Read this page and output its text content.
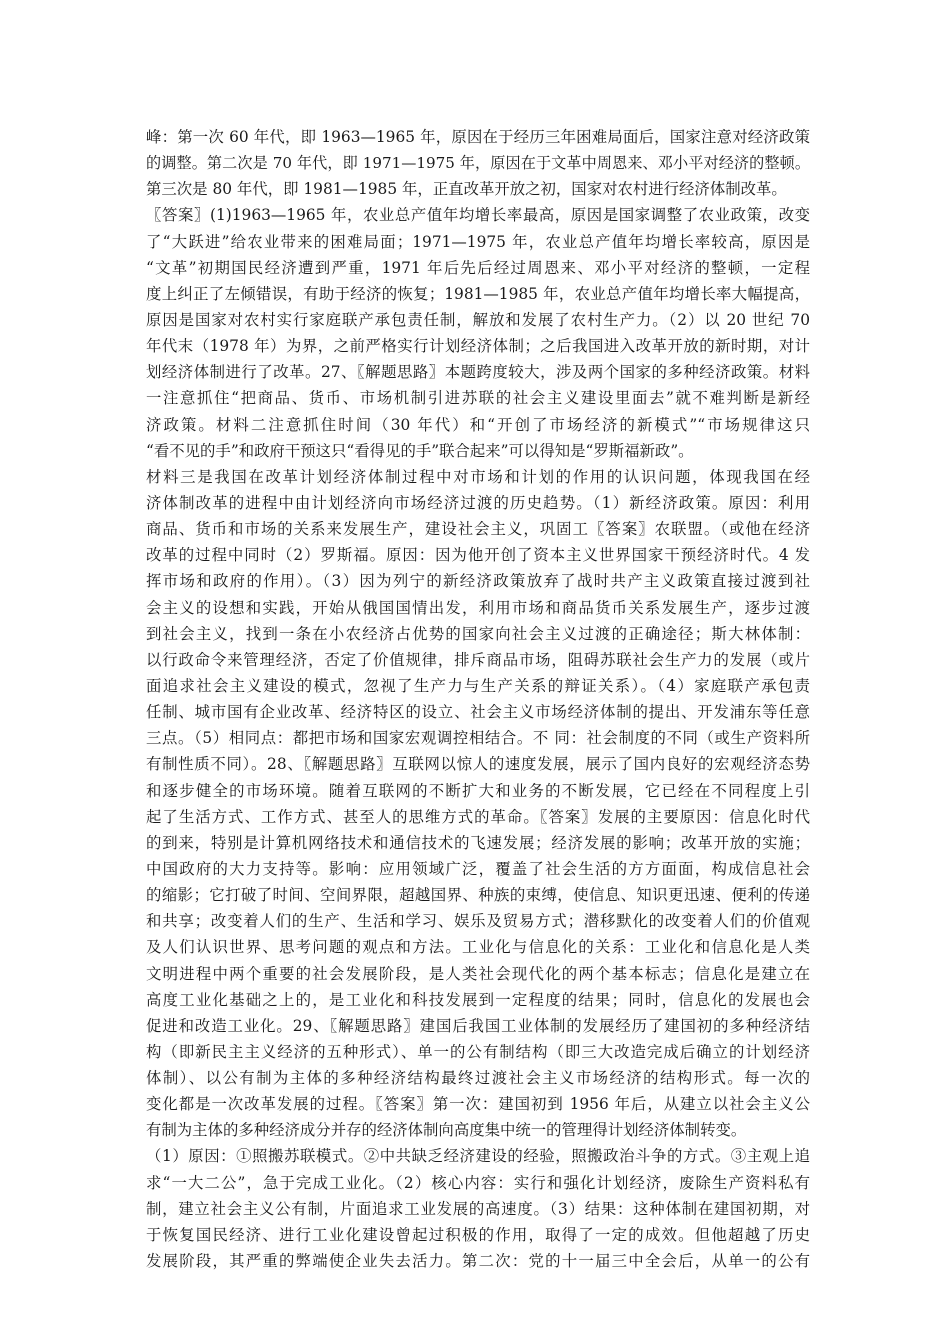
峰：第一次 60 年代，即 1963—1965 年，原因在于经历三年困难局面后，国家注意对经济政策
的调整。第二次是 70 年代，即 1971—1975 年，原因在于文革中周恩来、邓小平对经济的整顿。
第三次是 80 年代，即 1981—1985 年，正直改革开放之初，国家对农村进行经济体制改革。
〖答案〗(1)1963—1965 年，农业总产值年均增长率最高，原因是国家调整了农业政策，改变
了“大跃进”给农业带来的困难局面；1971—1975 年，农业总产值年均增长率较高，原因是
“文革”初期国民经济遭到严重，1971 年后先后经过周恩来、邓小平对经济的整顿，一定程
度上纠正了左倾错误，有助于经济的恢复；1981—1985 年，农业总产值年均增长率大幅提高，
原因是国家对农村实行家庭联产承包责任制，解放和发展了农村生产力。（2）以 20 世纪 70
年代末（1978 年）为界，之前严格实行计划经济体制；之后我国进入改革开放的新时期，对计
划经济体制进行了改革。27、〖解题思路〗本题跨度较大，涉及两个国家的多种经济政策。材料
一注意抓住“把商品、货币、市场机制引进苏联的社会主义建设里面去”就不难判断是新经
济政策。材料二注意抓住时间（30 年代）和“开创了市场经济的新模式”“市场规律这只
“看不见的手”和政府干预这只“看得见的手”联合起来”可以得知是“罗斯福新政”。
材料三是我国在改革计划经济体制过程中对市场和计划的作用的认识问题，体现我国在经
济体制改革的进程中由计划经济向市场经济过渡的历史趋势。（1）新经济政策。原因：利用
商品、货币和市场的关系来发展生产，建设社会主义，巩固工〖答案〗农联盟。（或他在经济
改革的过程中同时（2）罗斯福。原因：因为他开创了资本主义世界国家干预经济时代。4 发
挥市场和政府的作用）。（3）因为列宁的新经济政策放弃了战时共产主义政策直接过渡到社
会主义的设想和实践，开始从俄国国情出发，利用市场和商品货币关系发展生产，逐步过渡
到社会主义，找到一条在小农经济占优势的国家向社会主义过渡的正确途径；斯大林体制：
以行政命令来管理经济，否定了价值规律，排斥商品市场，阻碍苏联社会生产力的发展（或片
面追求社会主义建设的模式，忽视了生产力与生产关系的辩证关系）。（4）家庭联产承包责
任制、城市国有企业改革、经济特区的设立、社会主义市场经济体制的提出、开发浦东等任意
三点。（5）相同点：都把市场和国家宏观调控相结合。不 同：社会制度的不同（或生产资料所
有制性质不同）。28、〖解题思路〗互联网以惊人的速度发展，展示了国内良好的宏观经济态势
和逐步健全的市场环境。随着互联网的不断扩大和业务的不断发展，它已经在不同程度上引
起了生活方式、工作方式、甚至人的思维方式的革命。〖答案〗发展的主要原因：信息化时代
的到来，特别是计算机网络技术和通信技术的飞速发展；经济发展的影响；改革开放的实施；
中国政府的大力支持等。影响：应用领域广泛，覆盖了社会生活的方方面面，构成信息社会
的缩影；它打破了时间、空间界限，超越国界、种族的束缚，使信息、知识更迅速、便利的传递
和共享；改变着人们的生产、生活和学习、娱乐及贸易方式；潜移默化的改变着人们的价值观
及人们认识世界、思考问题的观点和方法。工业化与信息化的关系：工业化和信息化是人类
文明进程中两个重要的社会发展阶段，是人类社会现代化的两个基本标志；信息化是建立在
高度工业化基础之上的，是工业化和科技发展到一定程度的结果；同时，信息化的发展也会
促进和改造工业化。29、〖解题思路〗建国后我国工业体制的发展经历了建国初的多种经济结
构（即新民主主义经济的五种形式）、单一的公有制结构（即三大改造完成后确立的计划经济
体制）、以公有制为主体的多种经济结构最终过渡社会主义市场经济的结构形式。每一次的
变化都是一次改革发展的过程。〖答案〗第一次：建国初到 1956 年后，从建立以社会主义公
有制为主体的多种经济成分并存的经济体制向高度集中统一的管理得计划经济体制转变。
（1）原因：①照搬苏联模式。②中共缺乏经济建设的经验，照搬政治斗争的方式。③主观上追
求“一大二公”，急于完成工业化。（2）核心内容：实行和强化计划经济，废除生产资料私有
制，建立社会主义公有制，片面追求工业发展的高速度。（3）结果：这种体制在建国初期，对
于恢复国民经济、进行工业化建设曾起过积极的作用，取得了一定的成效。但他超越了历史
发展阶段，其严重的弊端使企业失去活力。第二次：党的十一届三中全会后，从单一的公有
